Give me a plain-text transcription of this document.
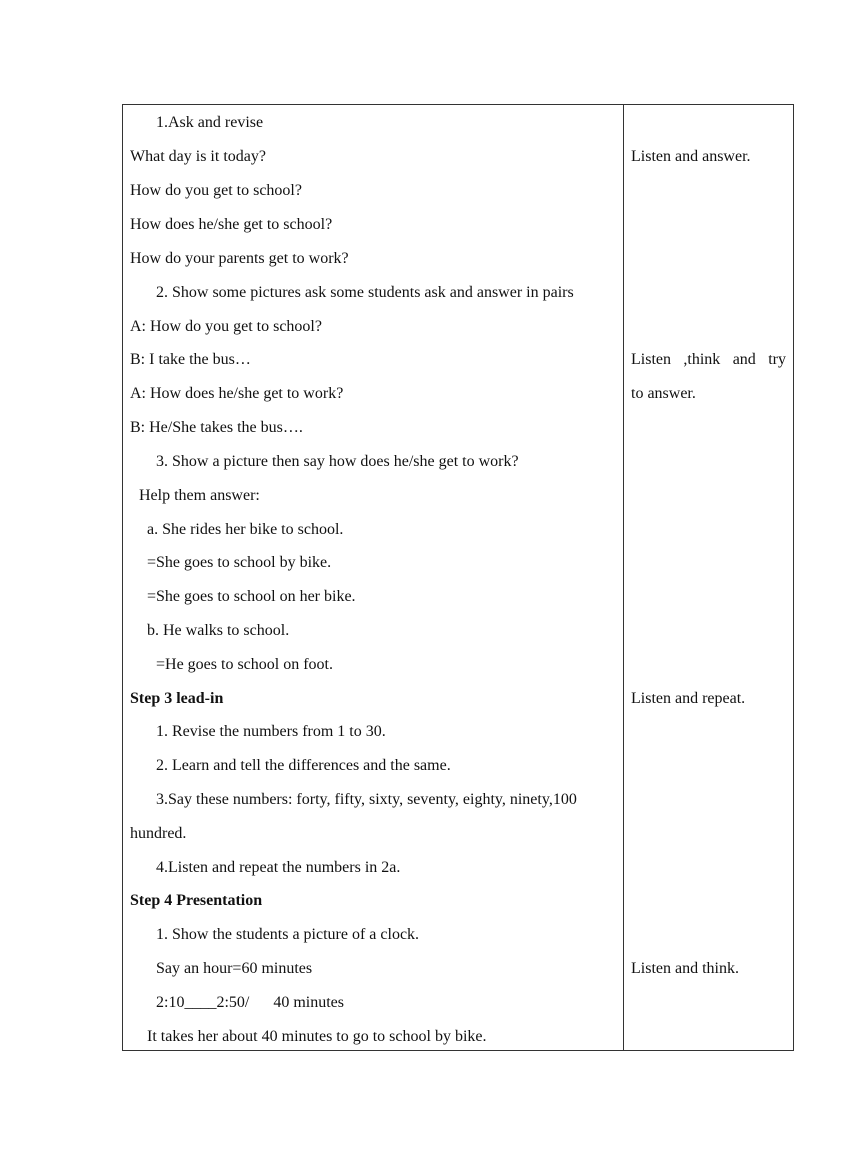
1.Ask and revise
What day is it today?
How do you get to school?
How does he/she get to school?
How do your parents get to work?
2. Show some pictures ask some students ask and answer in pairs
A: How do you get to school?
B: I take the bus…
A: How does he/she get to work?
B: He/She takes the bus….
3. Show a picture then say how does he/she get to work?
Help them answer:
a. She rides her bike to school.
=She goes to school by bike.
=She goes to school on her bike.
b. He walks to school.
=He goes to school on foot.
Step 3 lead-in
1. Revise the numbers from 1 to 30.
2. Learn and tell the differences and the same.
3.Say these numbers: forty, fifty, sixty, seventy, eighty, ninety,100
hundred.
4.Listen and repeat the numbers in 2a.
Step 4 Presentation
1. Show the students a picture of a clock.
Say an hour=60 minutes
2:10____2:50/      40 minutes
It takes her about 40 minutes to go to school by bike.
Listen and answer.
Listen ,think and try
to answer.
Listen and repeat.
Listen and think.
